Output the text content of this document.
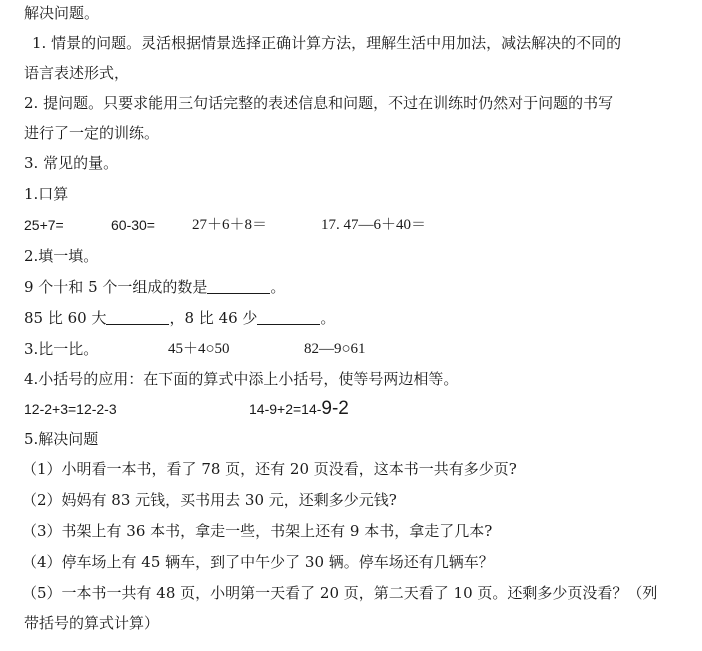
解决问题。
1. 情景的问题。灵活根据情景选择正确计算方法，理解生活中用加法，减法解决的不同的
语言表述形式，
2. 提问题。只要求能用三句话完整的表述信息和问题，不过在训练时仍然对于问题的书写
进行了一定的训练。
3. 常见的量。
1.口算
25+7=	60-30= 27＋6＋8＝	17. 47—6＋40＝
2.填一填。
9 个十和 5 个一组成的数是	。
85 比 60 大	，8 比 46 少	。
3.比一比。	45＋4○50	82—9○61
4.小括号的应用：在下面的算式中添上小括号，使等号两边相等。
12-2+3=12-2-3	14-9+2=14-9-2
5.解决问题
（1）小明看一本书，看了 78 页，还有 20 页没看，这本书一共有多少页?
（2）妈妈有 83 元钱，买书用去 30 元，还剩多少元钱?
（3）书架上有 36 本书，拿走一些，书架上还有 9 本书，拿走了几本?
（4）停车场上有 45 辆车，到了中午少了 30 辆。停车场还有几辆车？
（5）一本书一共有 48 页，小明第一天看了 20 页，第二天看了 10 页。还剩多少页没看？（列
带括号的算式计算）
